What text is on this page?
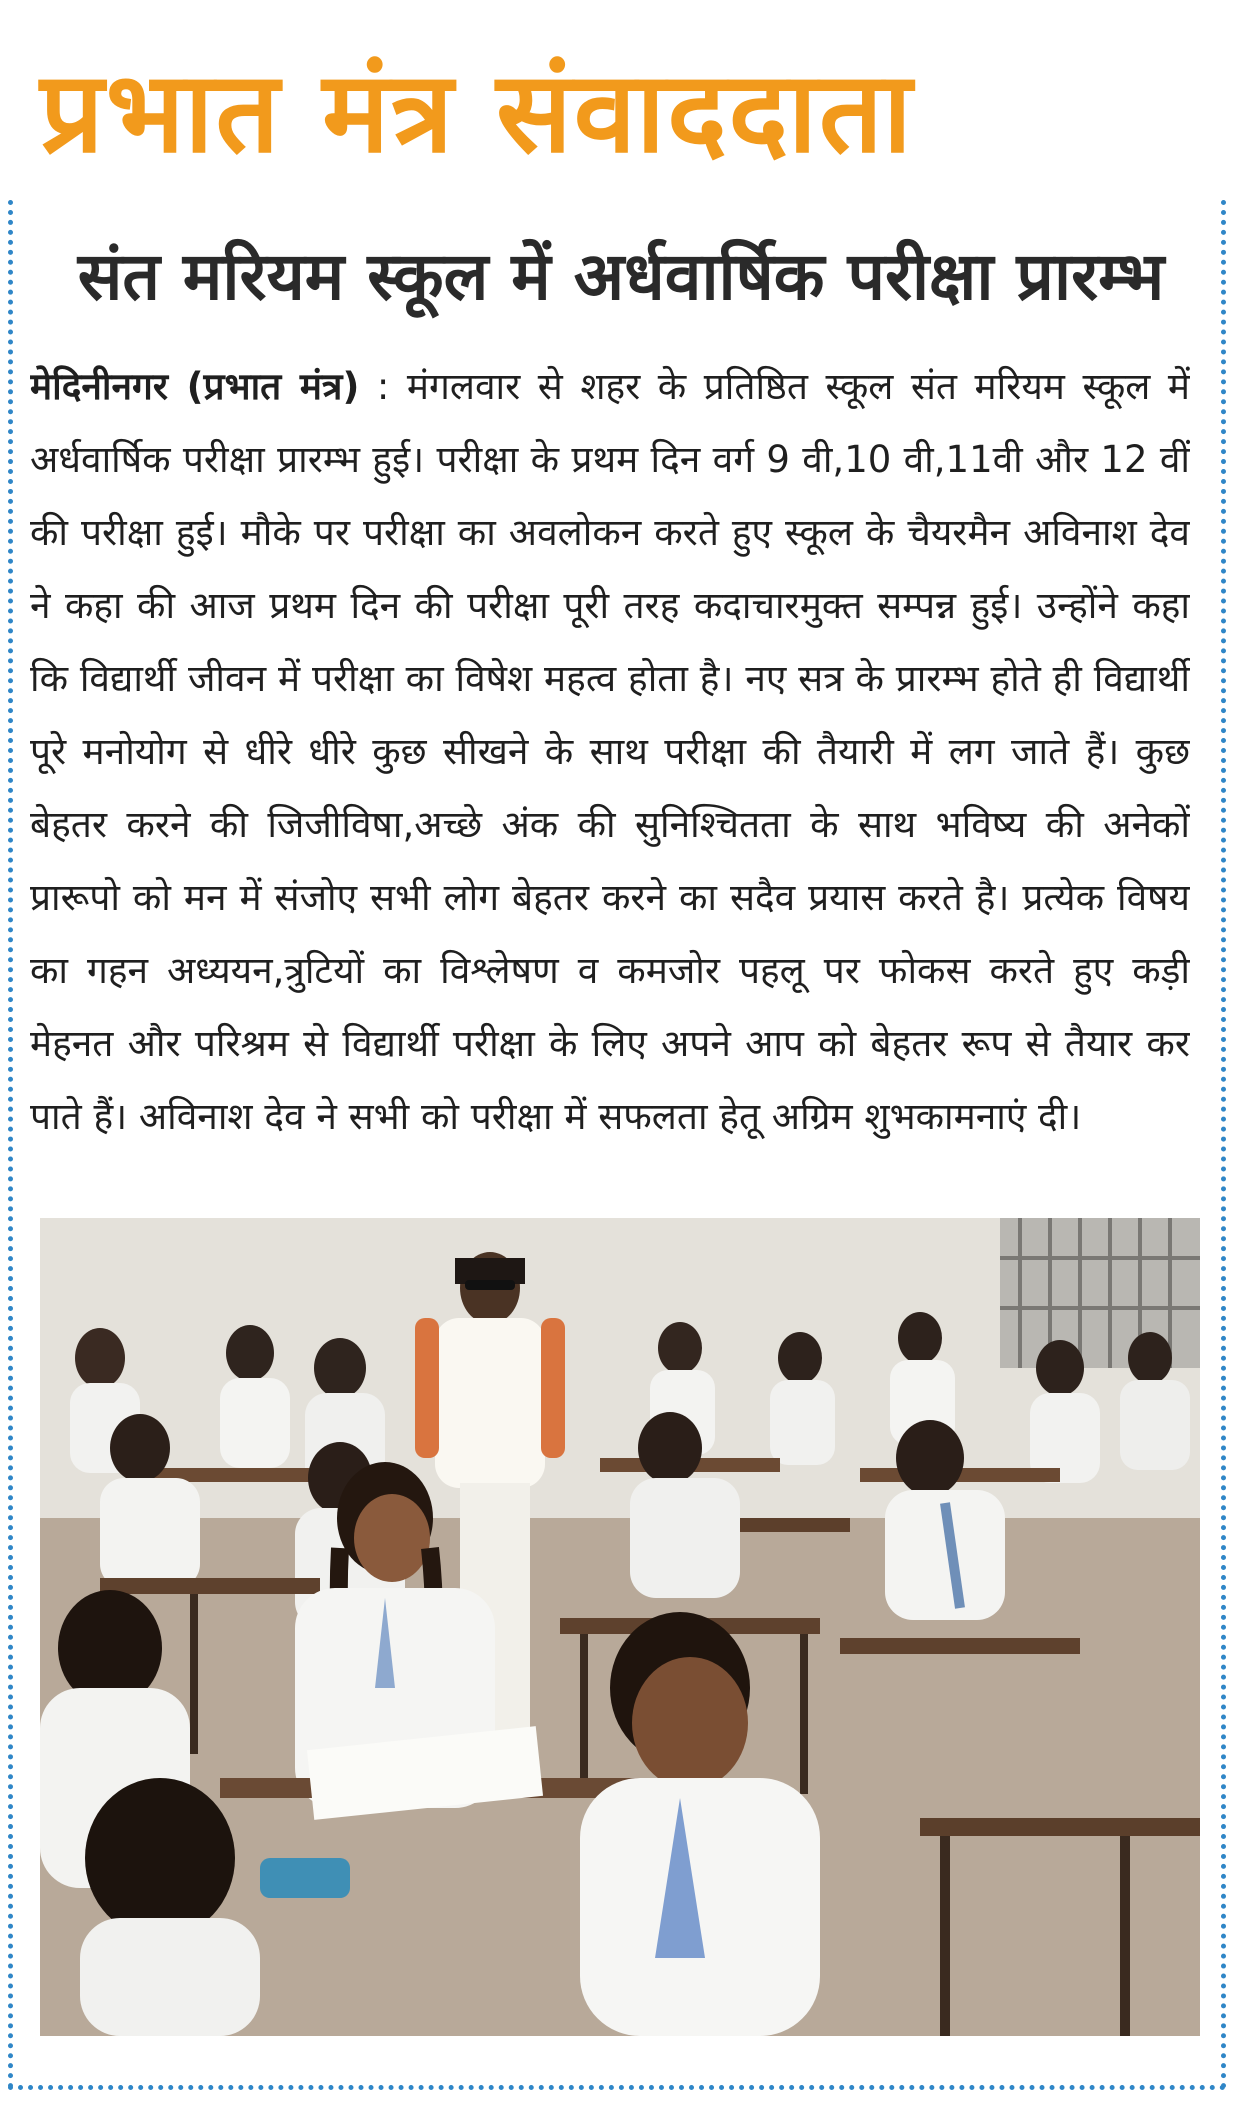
प्रभात मंत्र संवाददाता
संत मरियम स्कूल में अर्धवार्षिक परीक्षा प्रारम्भ
मेदिनीनगर (प्रभात मंत्र) : मंगलवार से शहर के प्रतिष्ठित स्कूल संत मरियम स्कूल में अर्धवार्षिक परीक्षा प्रारम्भ हुई। परीक्षा के प्रथम दिन वर्ग 9 वी,10 वी,11वी और 12 वीं की परीक्षा हुई। मौके पर परीक्षा का अवलोकन करते हुए स्कूल के चैयरमैन अविनाश देव ने कहा की आज प्रथम दिन की परीक्षा पूरी तरह कदाचारमुक्त सम्पन्न हुई। उन्होंने कहा कि विद्यार्थी जीवन में परीक्षा का विषेश महत्व होता है। नए सत्र के प्रारम्भ होते ही विद्यार्थी पूरे मनोयोग से धीरे धीरे कुछ सीखने के साथ परीक्षा की तैयारी में लग जाते हैं। कुछ बेहतर करने की जिजीविषा,अच्छे अंक की सुनिश्चितता के साथ भविष्य की अनेकों प्रारूपो को मन में संजोए सभी लोग बेहतर करने का सदैव प्रयास करते है। प्रत्येक विषय का गहन अध्ययन,त्रुटियों का विश्लेषण व कमजोर पहलू पर फोकस करते हुए कड़ी मेहनत और परिश्रम से विद्यार्थी परीक्षा के लिए अपने आप को बेहतर रूप से तैयार कर पाते हैं। अविनाश देव ने सभी को परीक्षा में सफलता हेतू अग्रिम शुभकामनाएं दी।
